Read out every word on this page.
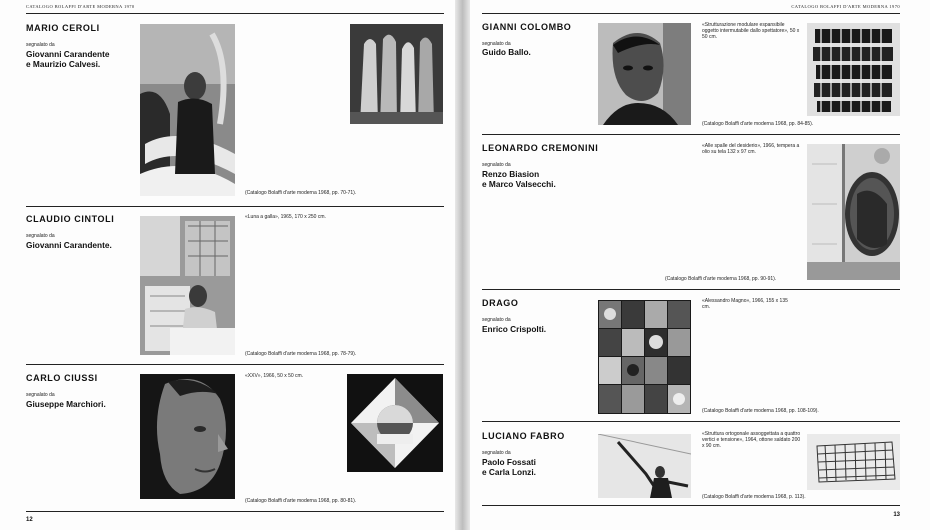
CATALOGO BOLAFFI D'ARTE MODERNA 1970
MARIO CEROLI
segnalato da
Giovanni Carandente
e Maurizio Calvesi.
(Catalogo Bolaffi d'arte moderna 1968, pp. 70-71).
CLAUDIO CINTOLI
segnalato da
Giovanni Carandente.
«Luna a galla», 1965, 170 x 250 cm.
(Catalogo Bolaffi d'arte moderna 1968, pp. 78-79).
CARLO CIUSSI
segnalato da
Giuseppe Marchiori.
«XXV», 1966, 50 x 50 cm.
(Catalogo Bolaffi d'arte moderna 1968, pp. 80-81).
12
CATALOGO BOLAFFI D'ARTE MODERNA 1970
GIANNI COLOMBO
segnalato da
Guido Ballo.
«Strutturazione modulare espansibile oggetto intermutabile dallo spettatore», 50 x 50 cm.
(Catalogo Bolaffi d'arte moderna 1968, pp. 84-85).
LEONARDO CREMONINI
segnalato da
Renzo Biasion
e Marco Valsecchi.
«Alle spalle del desiderio», 1966, tempera a olio su tela 132 x 97 cm.
(Catalogo Bolaffi d'arte moderna 1968, pp. 90-91).
DRAGO
segnalato da
Enrico Crispolti.
«Alessandro Magno», 1966, 155 x 135 cm.
(Catalogo Bolaffi d'arte moderna 1968, pp. 108-109).
LUCIANO FABRO
segnalato da
Paolo Fossati
e Carla Lonzi.
«Struttura ortogonale assoggettata a quattro vertici e tensione», 1964, ottone saldato 200 x 90 cm.
(Catalogo Bolaffi d'arte moderna 1968, p. 113).
13
